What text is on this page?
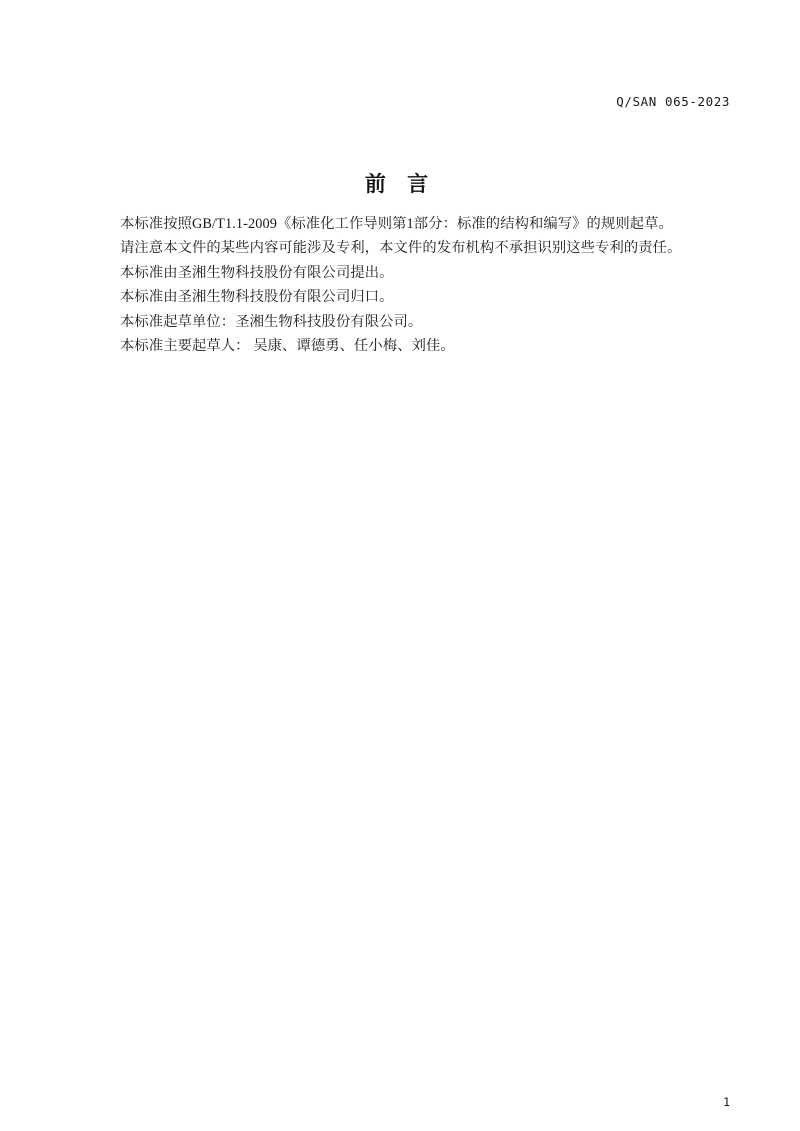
Q/SAN 065-2023
前 言
本标准按照GB/T1.1-2009《标准化工作导则第1部分：标准的结构和编写》的规则起草。
请注意本文件的某些内容可能涉及专利，本文件的发布机构不承担识别这些专利的责任。
本标准由圣湘生物科技股份有限公司提出。
本标准由圣湘生物科技股份有限公司归口。
本标准起草单位：圣湘生物科技股份有限公司。
本标准主要起草人： 吴康、谭德勇、任小梅、刘佳。
1
